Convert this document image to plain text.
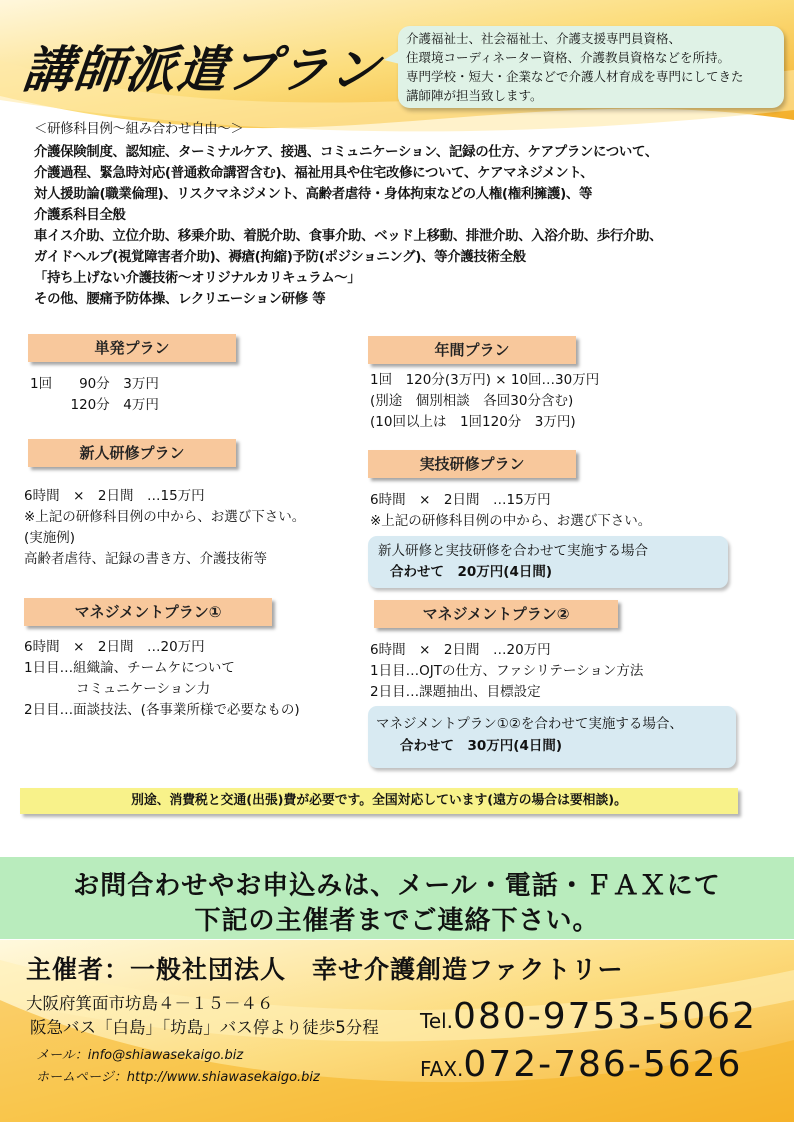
講師派遣プラン
介護福祉士、社会福祉士、介護支援専門員資格、
住環境コーディネーター資格、介護教員資格などを所持。
専門学校・短大・企業などで介護人材育成を専門にしてきた
講師陣が担当致します。
＜研修科目例～組み合わせ自由～＞
介護保険制度、認知症、ターミナルケア、接遇、コミュニケーション、記録の仕方、ケアプランについて、
介護過程、緊急時対応(普通救命講習含む)、福祉用具や住宅改修について、ケアマネジメント、
対人援助論(職業倫理)、リスクマネジメント、高齢者虐待・身体拘束などの人権(権利擁護)、等
介護系科目全般
車イス介助、立位介助、移乗介助、着脱介助、食事介助、ベッド上移動、排泄介助、入浴介助、歩行介助、
ガイドヘルプ(視覚障害者介助)、褥瘡(拘縮)予防(ポジショニング)、等介護技術全般
「持ち上げない介護技術～オリジナルカリキュラム～」
その他、腰痛予防体操、レクリエーション研修 等
単発プラン
1回　　90分　3万円
　　　120分　4万円
年間プラン
1回　120分(3万円) × 10回…30万円
(別途　個別相談　各回30分含む)
(10回以上は　1回120分　3万円)
新人研修プラン
6時間　×　2日間　…15万円
※上記の研修科目例の中から、お選び下さい。
(実施例)
高齢者虐待、記録の書き方、介護技術等
実技研修プラン
6時間　×　2日間　…15万円
※上記の研修科目例の中から、お選び下さい。
新人研修と実技研修を合わせて実施する場合
合わせて　20万円(4日間)
マネジメントプラン①
6時間　×　2日間　…20万円
1日目…組織論、チームケについて
コミュニケーション力
2日目…面談技法、(各事業所様で必要なもの)
マネジメントプラン②
6時間　×　2日間　…20万円
1日目…OJTの仕方、ファシリテーション方法
2日目…課題抽出、目標設定
マネジメントプラン①②を合わせて実施する場合、
合わせて　30万円(4日間)
別途、消費税と交通(出張)費が必要です。全国対応しています(遠方の場合は要相談)。
お問合わせやお申込みは、メール・電話・ＦＡＸにて
下記の主催者までご連絡下さい。
主催者：一般社団法人　幸せ介護創造ファクトリー
大阪府箕面市坊島４－１５－４６
阪急バス「白島」「坊島」バス停より徒歩5分程
メール：info@shiawasekaigo.biz
ホームページ：http://www.shiawasekaigo.biz
Tel.080-9753-5062
FAX.072-786-5626
